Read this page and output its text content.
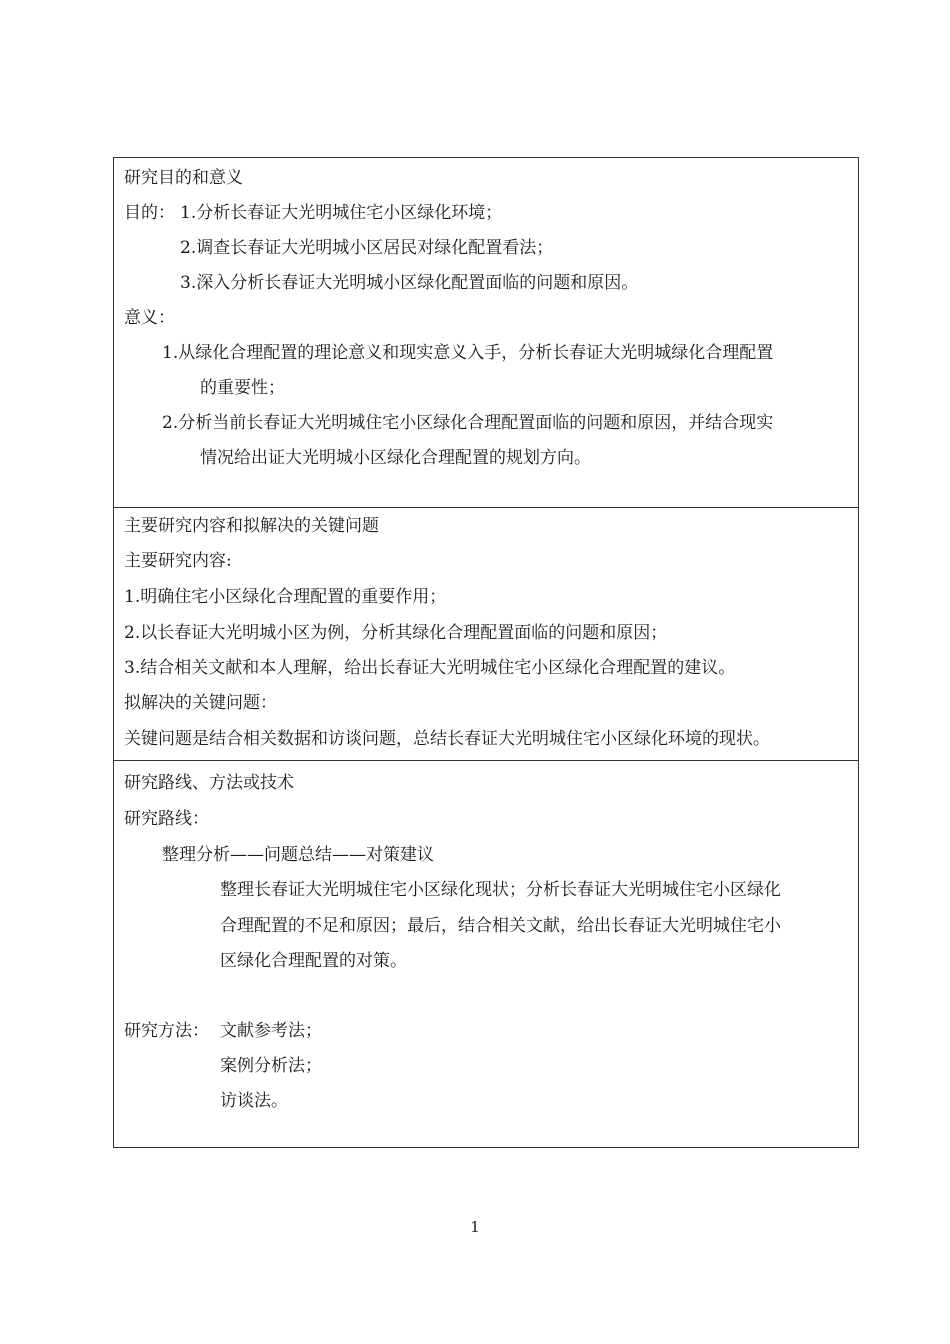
研究目的和意义
目的： 1.分析长春证大光明城住宅小区绿化环境；
2.调查长春证大光明城小区居民对绿化配置看法；
3.深入分析长春证大光明城小区绿化配置面临的问题和原因。
意义：
1.从绿化合理配置的理论意义和现实意义入手，分析长春证大光明城绿化合理配置
的重要性；
2.分析当前长春证大光明城住宅小区绿化合理配置面临的问题和原因，并结合现实
情况给出证大光明城小区绿化合理配置的规划方向。
主要研究内容和拟解决的关键问题
主要研究内容:
1.明确住宅小区绿化合理配置的重要作用；
2.以长春证大光明城小区为例，分析其绿化合理配置面临的问题和原因；
3.结合相关文献和本人理解，给出长春证大光明城住宅小区绿化合理配置的建议。
拟解决的关键问题：
关键问题是结合相关数据和访谈问题，总结长春证大光明城住宅小区绿化环境的现状。
研究路线、方法或技术
研究路线：
整理分析——问题总结——对策建议
整理长春证大光明城住宅小区绿化现状；分析长春证大光明城住宅小区绿化
合理配置的不足和原因；最后，结合相关文献，给出长春证大光明城住宅小
区绿化合理配置的对策。
研究方法： 文献参考法；
案例分析法；
访谈法。
1
